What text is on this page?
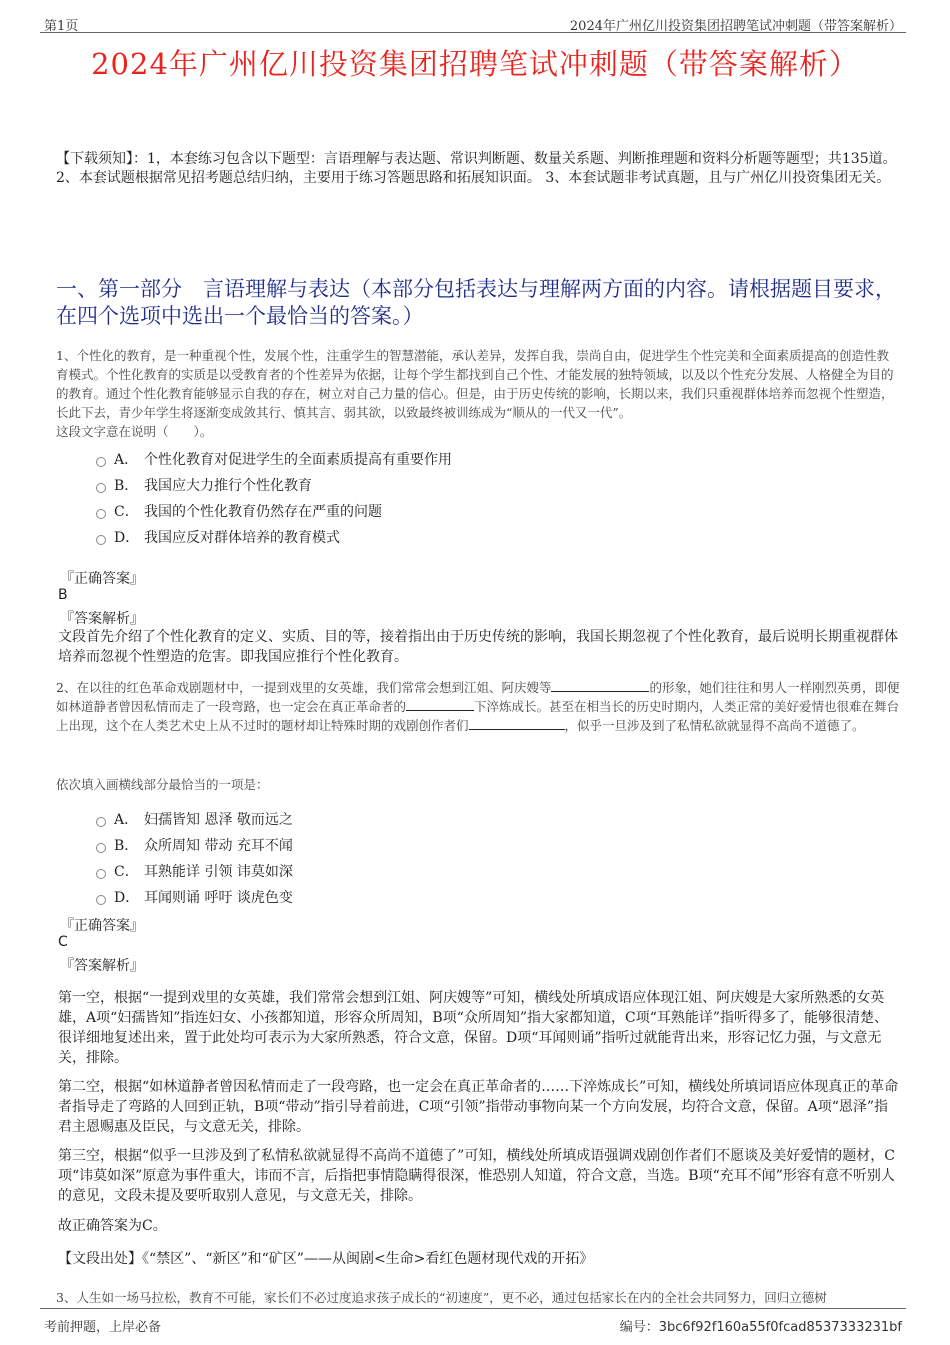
第1页	2024年广州亿川投资集团招聘笔试冲刺题（带答案解析）
2024年广州亿川投资集团招聘笔试冲刺题（带答案解析）
【下载须知】：1，本套练习包含以下题型：言语理解与表达题、常识判断题、数量关系题、判断推理题和资料分析题等题型；共135道。 2、本套试题根据常见招考题总结归纳，主要用于练习答题思路和拓展知识面。 3、本套试题非考试真题，且与广州亿川投资集团无关。
一、第一部分　言语理解与表达（本部分包括表达与理解两方面的内容。请根据题目要求，在四个选项中选出一个最恰当的答案。）
1、个性化的教育，是一种重视个性，发展个性，注重学生的智慧潜能，承认差异，发挥自我，崇尚自由，促进学生个性完美和全面素质提高的创造性教育模式。个性化教育的实质是以受教育者的个性差异为依据，让每个学生都找到自己个性、才能发展的独特领域，以及以个性充分发展、人格健全为目的的教育。通过个性化教育能够显示自我的存在，树立对自己力量的信心。但是，由于历史传统的影响，长期以来，我们只重视群体培养而忽视个性塑造，长此下去，青少年学生将逐渐变成敛其行、慎其言、弱其欲，以致最终被训练成为“顺从的一代又一代”。
这段文字意在说明（　　）。
A． 个性化教育对促进学生的全面素质提高有重要作用
B． 我国应大力推行个性化教育
C． 我国的个性化教育仍然存在严重的问题
D． 我国应反对群体培养的教育模式
『正确答案』
B
『答案解析』
文段首先介绍了个性化教育的定义、实质、目的等，接着指出由于历史传统的影响，我国长期忽视了个性化教育，最后说明长期重视群体培养而忽视个性塑造的危害。即我国应推行个性化教育。
2、在以往的红色革命戏剧题材中，一提到戏里的女英雄，我们常常会想到江姐、阿庆嫂等	的形象，她们往往和男人一样刚烈英勇，即便如林道静者曾因私情而走了一段弯路，也一定会在真正革命者的	下淬炼成长。甚至在相当长的历史时期内，人类正常的美好爱情也很难在舞台上出现，这个在人类艺术史上从不过时的题材却让特殊时期的戏剧创作者们	，似乎一旦涉及到了私情私欲就显得不高尚不道德了。
依次填入画横线部分最恰当的一项是：
A． 妇孺皆知 恩泽 敬而远之
B． 众所周知 带动 充耳不闻
C． 耳熟能详 引领 讳莫如深
D． 耳闻则诵 呼吁 谈虎色变
『正确答案』
C
『答案解析』
第一空，根据“一提到戏里的女英雄，我们常常会想到江姐、阿庆嫂等”可知，横线处所填成语应体现江姐、阿庆嫂是大家所熟悉的女英雄，A项“妇孺皆知”指连妇女、小孩都知道，形容众所周知，B项“众所周知”指大家都知道，C项“耳熟能详”指听得多了，能够很清楚、很详细地复述出来，置于此处均可表示为大家所熟悉，符合文意，保留。D项“耳闻则诵”指听过就能背出来，形容记忆力强，与文意无关，排除。
第二空，根据“如林道静者曾因私情而走了一段弯路，也一定会在真正革命者的……下淬炼成长”可知，横线处所填词语应体现真正的革命者指导走了弯路的人回到正轨，B项“带动”指引导着前进，C项“引领”指带动事物向某一个方向发展，均符合文意，保留。A项“恩泽”指君主恩赐惠及臣民，与文意无关，排除。
第三空，根据“似乎一旦涉及到了私情私欲就显得不高尚不道德了”可知，横线处所填成语强调戏剧创作者们不愿谈及美好爱情的题材，C项“讳莫如深”原意为事件重大，讳而不言，后指把事情隐瞒得很深，惟恐别人知道，符合文意，当选。B项“充耳不闻”形容有意不听别人的意见，文段未提及要听取别人意见，与文意无关，排除。
故正确答案为C。
【文段出处】《“禁区”、“新区”和“矿区”——从闽剧<生命>看红色题材现代戏的开拓》
3、人生如一场马拉松，教育不可能，家长们不必过度追求孩子成长的“初速度”，更不必，通过包括家长在内的全社会共同努力，回归立德树
考前押题，上岸必备	编号：3bc6f92f160a55f0fcad8537333231bf
